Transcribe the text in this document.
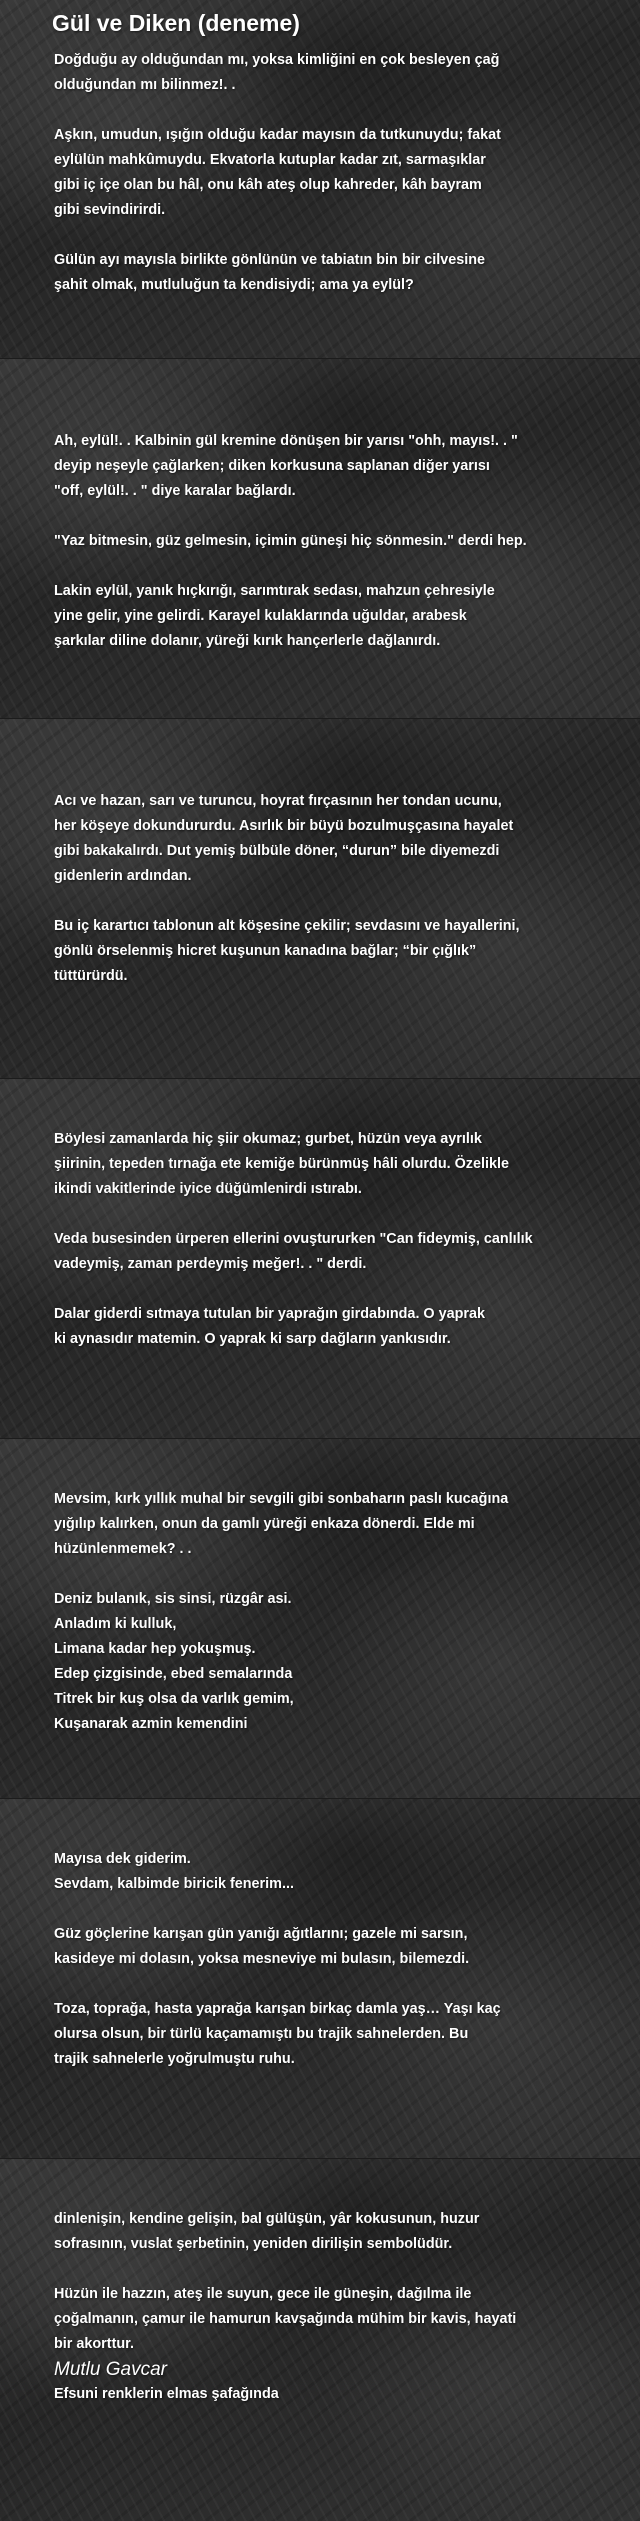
Gül ve Diken (deneme)

Doğduğu ay olduğundan mı, yoksa kimliğini en çok besleyen çağ
olduğundan mı bilinmez!. .

Aşkın, umudun, ışığın olduğu kadar mayısın da tutkunuydu; fakat
eylülün mahkûmuydu. Ekvatorla kutuplar kadar zıt, sarmaşıklar
gibi iç içe olan bu hâl, onu kâh ateş olup kahreder, kâh bayram
gibi sevindirirdi.

Gülün ayı mayısla birlikte gönlünün ve tabiatın bin bir cilvesine
şahit olmak, mutluluğun ta kendisiydi; ama ya eylül?

Ah, eylül!. . Kalbinin gül kremine dönüşen bir yarısı "ohh, mayıs!. . "
deyip neşeyle çağlarken; diken korkusuna saplanan diğer yarısı
"off, eylül!. . " diye karalar bağlardı.

"Yaz bitmesin, güz gelmesin, içimin güneşi hiç sönmesin." derdi hep.

Lakin eylül, yanık hıçkırığı, sarımtırak sedası, mahzun çehresiyle
yine gelir, yine gelirdi. Karayel kulaklarında uğuldar, arabesk
şarkılar diline dolanır, yüreği kırık hançerlerle dağlanırdı.

Acı ve hazan, sarı ve turuncu, hoyrat fırçasının her tondan ucunu,
her köşeye dokundururdu. Asırlık bir büyü bozulmuşçasına hayalet
gibi bakakalırdı. Dut yemiş bülbüle döner, “durun” bile diyemezdi
gidenlerin ardından.

Bu iç karartıcı tablonun alt köşesine çekilir; sevdasını ve hayallerini,
gönlü örselenmiş hicret kuşunun kanadına bağlar; “bir çığlık”
tüttürürdü.

Böylesi zamanlarda hiç şiir okumaz; gurbet, hüzün veya ayrılık
şiirinin, tepeden tırnağa ete kemiğe bürünmüş hâli olurdu. Özelikle
ikindi vakitlerinde iyice düğümlenirdi ıstırabı.

Veda busesinden ürperen ellerini ovuştururken "Can fideymiş, canlılık
vadeymiş, zaman perdeymiş meğer!. . " derdi.

Dalar giderdi sıtmaya tutulan bir yaprağın girdabında. O yaprak
ki aynasıdır matemin. O yaprak ki sarp dağların yankısıdır.

Mevsim, kırk yıllık muhal bir sevgili gibi sonbaharın paslı kucağına
yığılıp kalırken, onun da gamlı yüreği enkaza dönerdi. Elde mi
hüzünlenmemek? . .

Deniz bulanık, sis sinsi, rüzgâr asi.
Anladım ki kulluk,
Limana kadar hep yokuşmuş.
Edep çizgisinde, ebed semalarında
Titrek bir kuş olsa da varlık gemim,
Kuşanarak azmin kemendini

Mayısa dek giderim.
Sevdam, kalbimde biricik fenerim...

Güz göçlerine karışan gün yanığı ağıtlarını; gazele mi sarsın,
kasideye mi dolasın, yoksa mesneviye mi bulasın, bilemezdi.

Toza, toprağa, hasta yaprağa karışan birkaç damla yaş… Yaşı kaç
olursa olsun, bir türlü kaçamamıştı bu trajik sahnelerden. Bu
trajik sahnelerle yoğrulmuştu ruhu.

dinlenişin, kendine gelişin, bal gülüşün, yâr kokusunun, huzur
sofrasının, vuslat şerbetinin, yeniden dirilişin sembolüdür.

Hüzün ile hazzın, ateş ile suyun, gece ile güneşin, dağılma ile
çoğalmanın, çamur ile hamurun kavşağında mühim bir kavis, hayati
bir akorttur.

Efsuni renklerin elmas şafağında

Mutlu Gavcar
